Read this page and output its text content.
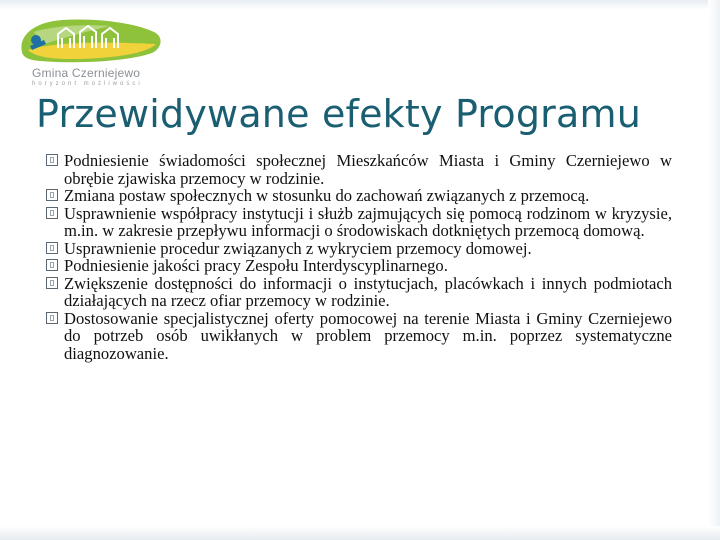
Gmina Czerniejewo
horyzont możliwości
Przewidywane efekty Programu
Podniesienie świadomości społecznej Mieszkańców Miasta i Gminy Czerniejewo w obrębie zjawiska przemocy w rodzinie.
Zmiana postaw społecznych w stosunku do zachowań związanych z przemocą.
Usprawnienie współpracy instytucji i służb zajmujących się pomocą rodzinom w kryzysie, m.in. w zakresie przepływu informacji o środowiskach dotkniętych przemocą domową.
Usprawnienie procedur związanych z wykryciem przemocy domowej.
Podniesienie jakości pracy Zespołu Interdyscyplinarnego.
Zwiększenie dostępności do informacji o instytucjach, placówkach i innych podmiotach działających na rzecz ofiar przemocy w rodzinie.
Dostosowanie specjalistycznej oferty pomocowej na terenie Miasta i Gminy Czerniejewo do potrzeb osób uwikłanych w problem przemocy m.in. poprzez systematyczne diagnozowanie.
